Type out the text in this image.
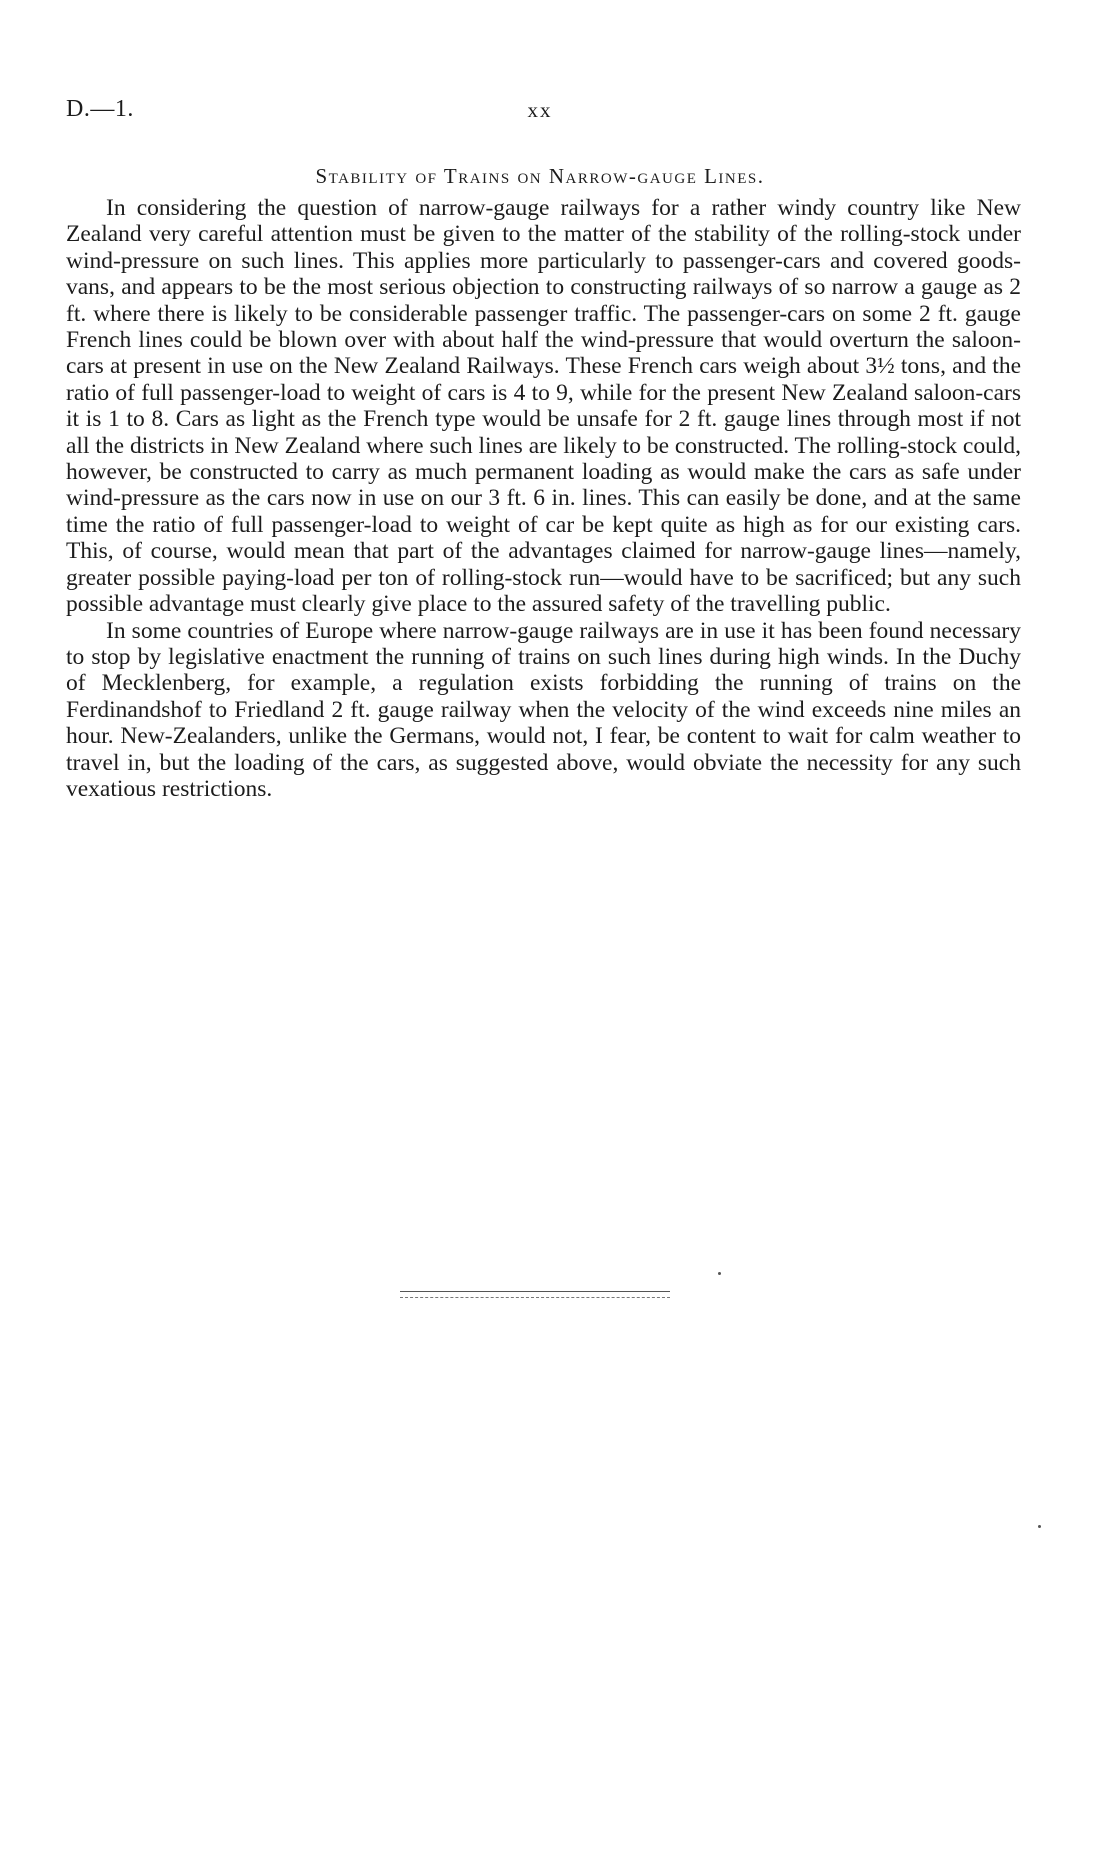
D.—1.	xx
Stability of Trains on Narrow-gauge Lines.

In considering the question of narrow-gauge railways for a rather windy country like New Zealand very careful attention must be given to the matter of the stability of the rolling-stock under wind-pressure on such lines. This applies more particularly to passenger-cars and covered goods-vans, and appears to be the most serious objection to constructing railways of so narrow a gauge as 2 ft. where there is likely to be considerable passenger traffic. The passenger-cars on some 2 ft. gauge French lines could be blown over with about half the wind-pressure that would overturn the saloon-cars at present in use on the New Zealand Railways. These French cars weigh about 3½ tons, and the ratio of full passenger-load to weight of cars is 4 to 9, while for the present New Zealand saloon-cars it is 1 to 8. Cars as light as the French type would be unsafe for 2 ft. gauge lines through most if not all the districts in New Zealand where such lines are likely to be constructed. The rolling-stock could, however, be constructed to carry as much permanent loading as would make the cars as safe under wind-pressure as the cars now in use on our 3 ft. 6 in. lines. This can easily be done, and at the same time the ratio of full passenger-load to weight of car be kept quite as high as for our existing cars. This, of course, would mean that part of the advantages claimed for narrow-gauge lines—namely, greater possible paying-load per ton of rolling-stock run—would have to be sacrificed; but any such possible advantage must clearly give place to the assured safety of the travelling public.

In some countries of Europe where narrow-gauge railways are in use it has been found necessary to stop by legislative enactment the running of trains on such lines during high winds. In the Duchy of Mecklenberg, for example, a regulation exists forbidding the running of trains on the Ferdinandshof to Friedland 2 ft. gauge railway when the velocity of the wind exceeds nine miles an hour. New-Zealanders, unlike the Germans, would not, I fear, be content to wait for calm weather to travel in, but the loading of the cars, as suggested above, would obviate the necessity for any such vexatious restrictions.
